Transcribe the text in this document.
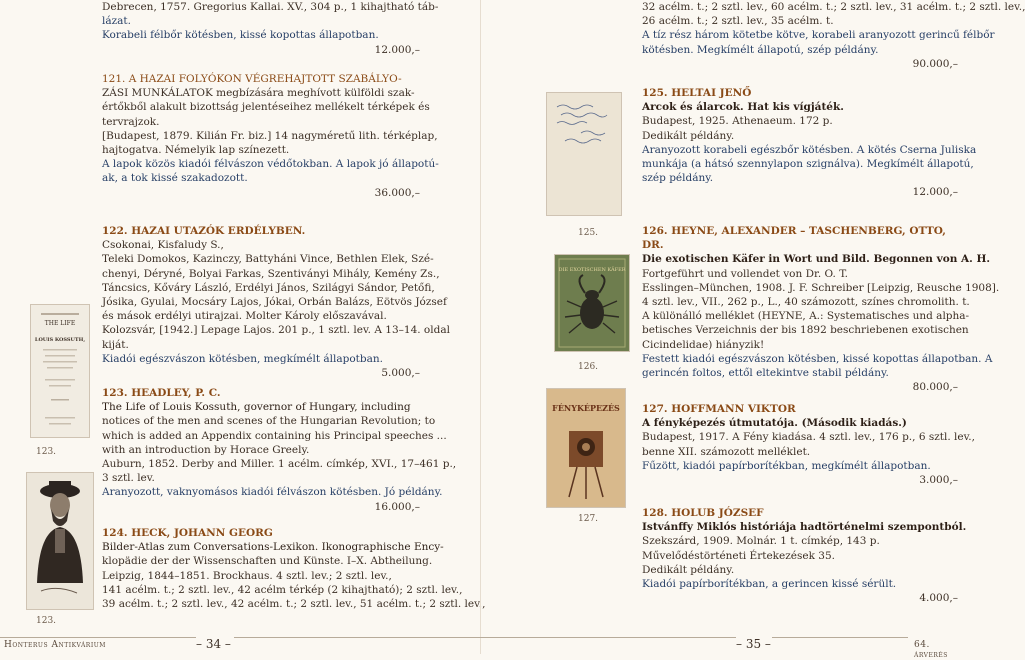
Debrecen, 1757. Gregorius Kallai. XV., 304 p., 1 kihajtható táb-
lázat.
Korabeli félbőr kötésben, kissé kopottas állapotban.
12.000,–
121. A HAZAI FOLYÓKON VÉGREHAJTOTT SZABÁLYO-
ZÁSI MUNKÁLATOK megbízására meghívott külföldi szak-
értőkből alakult bizottság jelentéseihez mellékelt térképek és
tervrajzok.
[Budapest, 1879. Kilián Fr. biz.] 14 nagyméretű lith. térképlap,
hajtogatva. Némelyik lap színezett.
A lapok közös kiadói félvászon védőtokban. A lapok jó állapotú-
ak, a tok kissé szakadozott.
36.000,–
122. HAZAI UTAZÓK ERDÉLYBEN.
Csokonai, Kisfaludy S.,
Teleki Domokos, Kazinczy, Battyháni Vince, Bethlen Elek, Szé-
chenyi, Déryné, Bolyai Farkas, Szentiványi Mihály, Kemény Zs.,
Táncsics, Kőváry László, Erdélyi János, Szilágyi Sándor, Petőfi,
Jósika, Gyulai, Mocsáry Lajos, Jókai, Orbán Balázs, Eötvös József
és mások erdélyi utirajzai. Molter Károly előszavával.
Kolozsvár, [1942.] Lepage Lajos. 201 p., 1 sztl. lev. A 13–14. oldal
kiját.
Kiadói egészvászon kötésben, megkímélt állapotban.
5.000,–
123. HEADLEY, P. C.
The Life of Louis Kossuth, governor of Hungary, including
notices of the men and scenes of the Hungarian Revolution; to
which is added an Appendix containing his Principal speeches ...
with an introduction by Horace Greely.
Auburn, 1852. Derby and Miller. 1 acélm. címkép, XVI., 17–461 p.,
3 sztl. lev.
Aranyozott, vaknyomásos kiadói félvászon kötésben. Jó példány.
16.000,–
124. HECK, JOHANN GEORG
Bilder-Atlas zum Conversations-Lexikon. Ikonographische Ency-
klopädie der der Wissenschaften und Künste. I–X. Abtheilung.
Leipzig, 1844–1851. Brockhaus. 4 sztl. lev.; 2 sztl. lev.,
141 acélm. t.; 2 sztl. lev., 42 acélm térkép (2 kihajtható); 2 sztl. lev.,
39 acélm. t.; 2 sztl. lev., 42 acélm. t.; 2 sztl. lev., 51 acélm. t.; 2 sztl. lev.,
THE LIFE
LOUIS KOSSUTH,
123.
123.
Honterus Antikvárium	– 34 –
32 acélm. t.; 2 sztl. lev., 60 acélm. t.; 2 sztl. lev., 31 acélm. t.; 2 sztl. lev.,
26 acélm. t.; 2 sztl. lev., 35 acélm. t.
A tíz rész három kötetbe kötve, korabeli aranyozott gerincű félbőr
kötésben. Megkímélt állapotú, szép példány.
90.000,–
125. HELTAI JENŐ
Arcok és álarcok. Hat kis vígjáték.
Budapest, 1925. Athenaeum. 172 p.
Dedikált példány.
Aranyozott korabeli egészbőr kötésben. A kötés Cserna Juliska
munkája (a hátsó szennylapon szignálva). Megkímélt állapotú,
szép példány.
12.000,–
126. HEYNE, ALEXANDER – TASCHENBERG, OTTO, DR.
Die exotischen Käfer in Wort und Bild. Begonnen von A. H.
Fortgeführt und vollendet von Dr. O. T.
Esslingen–München, 1908. J. F. Schreiber [Leipzig, Reusche 1908].
4 sztl. lev., VII., 262 p., L., 40 számozott, színes chromolith. t.
A különálló melléklet (HEYNE, A.: Systematisches und alpha-
betisches Verzeichnis der bis 1892 beschriebenen exotischen
Cicindelidae) hiányzik!
Festett kiadói egészvászon kötésben, kissé kopottas állapotban. A
gerincén foltos, ettől eltekintve stabil példány.
80.000,–
127. HOFFMANN VIKTOR
A fényképezés útmutatója. (Második kiadás.)
Budapest, 1917. A Fény kiadása. 4 sztl. lev., 176 p., 6 sztl. lev.,
benne XII. számozott melléklet.
Fűzött, kiadói papírborítékban, megkímélt állapotban.
3.000,–
128. HOLUB JÓZSEF
Istvánffy Miklós históriája hadtörténelmi szempontból.
Szekszárd, 1909. Molnár. 1 t. címkép, 143 p.
Művelődéstörténeti Értekezések 35.
Dedikált példány.
Kiadói papírborítékban, a gerincen kissé sérült.
4.000,–
125.
DIE EXOTISCHEN KÄFER
126.
FÉNYKÉPEZÉS
127.
– 35 –	64. árverés
